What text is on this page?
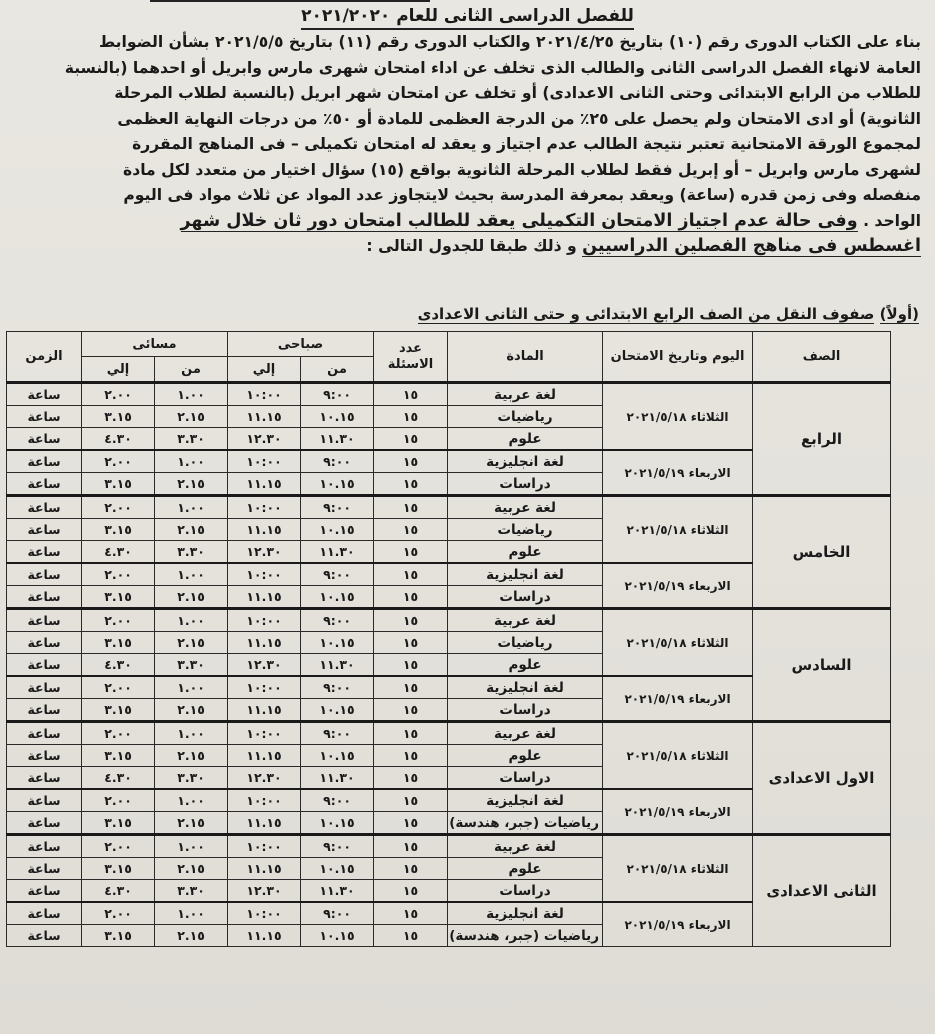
للفصل الدراسى الثانى للعام ٢٠٢١/٢٠٢٠
بناء على الكتاب الدورى رقم (١٠) بتاريخ ٢٠٢١/٤/٢٥ والكتاب الدورى رقم (١١) بتاريخ ٢٠٢١/٥/٥ بشأن الضوابط
العامة لانهاء الفصل الدراسى الثانى والطالب الذى تخلف عن اداء امتحان شهرى مارس وابريل أو احدهما (بالنسبة
للطلاب من الرابع الابتدائى وحتى الثانى الاعدادى) أو تخلف عن امتحان شهر ابريل (بالنسبة لطلاب المرحلة
الثانوية) أو ادى الامتحان ولم يحصل على ٢٥٪ من الدرجة العظمى للمادة أو ٥٠٪ من درجات النهاية العظمى
لمجموع الورقة الامتحانية تعتبر نتيجة الطالب عدم اجتياز و يعقد له امتحان تكميلى – فى المناهج المقررة
لشهرى مارس وابريل – أو إبريل فقط لطلاب المرحلة الثانوية بواقع (١٥) سؤال اختيار من متعدد لكل مادة
منفصله وفى زمن قدره (ساعة) ويعقد بمعرفة المدرسة بحيث لايتجاوز عدد المواد عن ثلاث مواد فى اليوم
الواحد . وفى حالة عدم اجتياز الامتحان التكميلى يعقد للطالب امتحان دور ثان خلال شهر
اغسطس فى مناهج الفصلين الدراسيين و ذلك طبقا للجدول التالى :
(أولاً) صفوف النقل من الصف الرابع الابتدائى و حتى الثانى الاعدادى
الصف	اليوم وتاريخ الامتحان	المادة	عدد الاسئلة	صباحى		مسائى		الزمن
				من	إلي	من	إلي	
الرابع	الثلاثاء ٢٠٢١/٥/١٨	لغة عربية	١٥	٩:٠٠	١٠:٠٠	١.٠٠	٢.٠٠	ساعة
		رياضيات	١٥	١٠.١٥	١١.١٥	٢.١٥	٣.١٥	ساعة
		علوم	١٥	١١.٣٠	١٢.٣٠	٣.٣٠	٤.٣٠	ساعة
	الاربعاء ٢٠٢١/٥/١٩	لغة انجليزية	١٥	٩:٠٠	١٠:٠٠	١.٠٠	٢.٠٠	ساعة
		دراسات	١٥	١٠.١٥	١١.١٥	٢.١٥	٣.١٥	ساعة
الخامس	الثلاثاء ٢٠٢١/٥/١٨	لغة عربية	١٥	٩:٠٠	١٠:٠٠	١.٠٠	٢.٠٠	ساعة
		رياضيات	١٥	١٠.١٥	١١.١٥	٢.١٥	٣.١٥	ساعة
		علوم	١٥	١١.٣٠	١٢.٣٠	٣.٣٠	٤.٣٠	ساعة
	الاربعاء ٢٠٢١/٥/١٩	لغة انجليزية	١٥	٩:٠٠	١٠:٠٠	١.٠٠	٢.٠٠	ساعة
		دراسات	١٥	١٠.١٥	١١.١٥	٢.١٥	٣.١٥	ساعة
السادس	الثلاثاء ٢٠٢١/٥/١٨	لغة عربية	١٥	٩:٠٠	١٠:٠٠	١.٠٠	٢.٠٠	ساعة
		رياضيات	١٥	١٠.١٥	١١.١٥	٢.١٥	٣.١٥	ساعة
		علوم	١٥	١١.٣٠	١٢.٣٠	٣.٣٠	٤.٣٠	ساعة
	الاربعاء ٢٠٢١/٥/١٩	لغة انجليزية	١٥	٩:٠٠	١٠:٠٠	١.٠٠	٢.٠٠	ساعة
		دراسات	١٥	١٠.١٥	١١.١٥	٢.١٥	٣.١٥	ساعة
الاول الاعدادى	الثلاثاء ٢٠٢١/٥/١٨	لغة عربية	١٥	٩:٠٠	١٠:٠٠	١.٠٠	٢.٠٠	ساعة
		علوم	١٥	١٠.١٥	١١.١٥	٢.١٥	٣.١٥	ساعة
		دراسات	١٥	١١.٣٠	١٢.٣٠	٣.٣٠	٤.٣٠	ساعة
	الاربعاء ٢٠٢١/٥/١٩	لغة انجليزية	١٥	٩:٠٠	١٠:٠٠	١.٠٠	٢.٠٠	ساعة
		رياضيات (جبر، هندسة)	١٥	١٠.١٥	١١.١٥	٢.١٥	٣.١٥	ساعة
الثانى الاعدادى	الثلاثاء ٢٠٢١/٥/١٨	لغة عربية	١٥	٩:٠٠	١٠:٠٠	١.٠٠	٢.٠٠	ساعة
		علوم	١٥	١٠.١٥	١١.١٥	٢.١٥	٣.١٥	ساعة
		دراسات	١٥	١١.٣٠	١٢.٣٠	٣.٣٠	٤.٣٠	ساعة
	الاربعاء ٢٠٢١/٥/١٩	لغة انجليزية	١٥	٩:٠٠	١٠:٠٠	١.٠٠	٢.٠٠	ساعة
		رياضيات (جبر، هندسة)	١٥	١٠.١٥	١١.١٥	٢.١٥	٣.١٥	ساعة
